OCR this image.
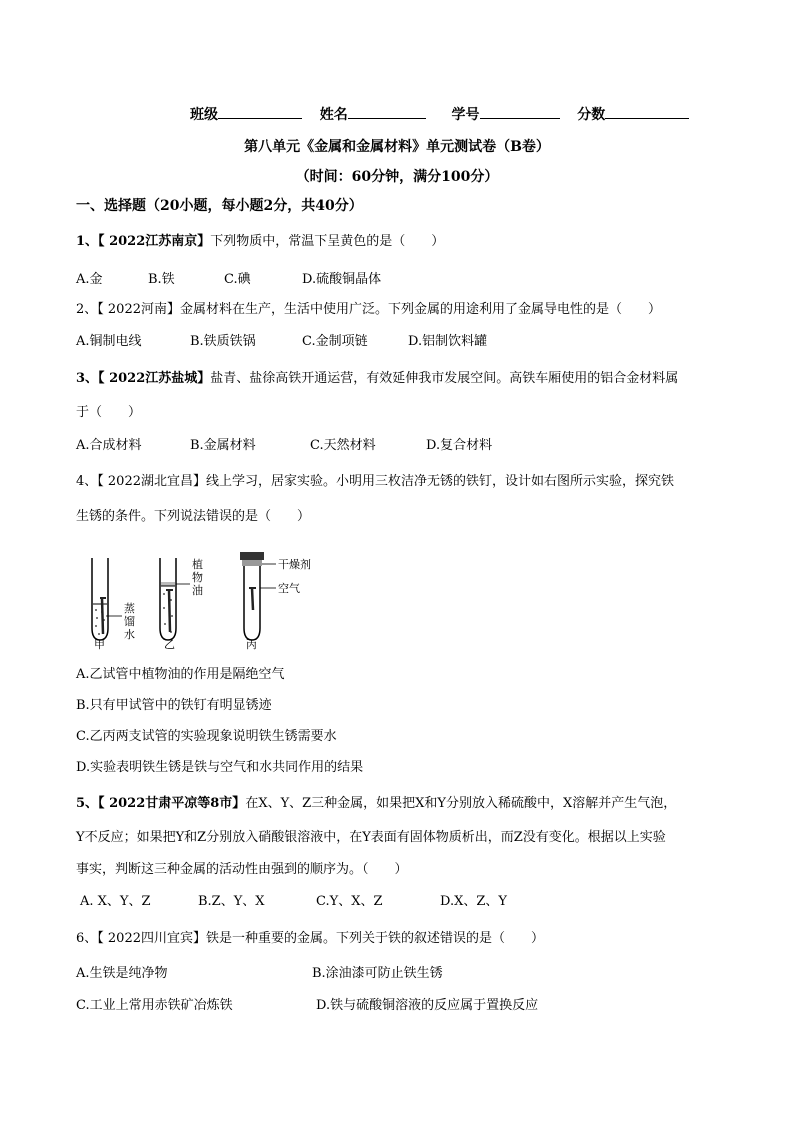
班级	姓名	学号	分数
第八单元《金属和金属材料》单元测试卷（B卷）
（时间：60分钟，满分100分）
一、选择题（20小题，每小题2分，共40分）
1、【 2022江苏南京】下列物质中，常温下呈黄色的是（　　）
A.金	B.铁	C.碘	D.硫酸铜晶体
2、【 2022河南】金属材料在生产，生活中使用广泛。下列金属的用途利用了金属导电性的是（　　）
A.铜制电线	B.铁质铁锅	C.金制项链	D.铝制饮料罐
3、【 2022江苏盐城】盐青、盐徐高铁开通运营，有效延伸我市发展空间。高铁车厢使用的铝合金材料属
于（　　）
A.合成材料	B.金属材料	C.天然材料	D.复合材料
4、【 2022湖北宜昌】线上学习，居家实验。小明用三枚洁净无锈的铁钉，设计如右图所示实验，探究铁
生锈的条件。下列说法错误的是（　　）
蒸
馏
水
甲
植
物
油
乙
干燥剂
空气
丙
A.乙试管中植物油的作用是隔绝空气
B.只有甲试管中的铁钉有明显锈迹
C.乙丙两支试管的实验现象说明铁生锈需要水
D.实验表明铁生锈是铁与空气和水共同作用的结果
5、【 2022甘肃平凉等8市】在X、Y、Z三种金属，如果把X和Y分别放入稀硫酸中，X溶解并产生气泡，
Y不反应；如果把Y和Z分别放入硝酸银溶液中，在Y表面有固体物质析出，而Z没有变化。根据以上实验
事实，判断这三种金属的活动性由强到的顺序为。（　　）
A. X、Y、Z	B.Z、Y、X	C.Y、X、Z	D.X、Z、Y
6、【 2022四川宜宾】铁是一种重要的金属。下列关于铁的叙述错误的是（　　）
A.生铁是纯净物	B.涂油漆可防止铁生锈
C.工业上常用赤铁矿冶炼铁	D.铁与硫酸铜溶液的反应属于置换反应
